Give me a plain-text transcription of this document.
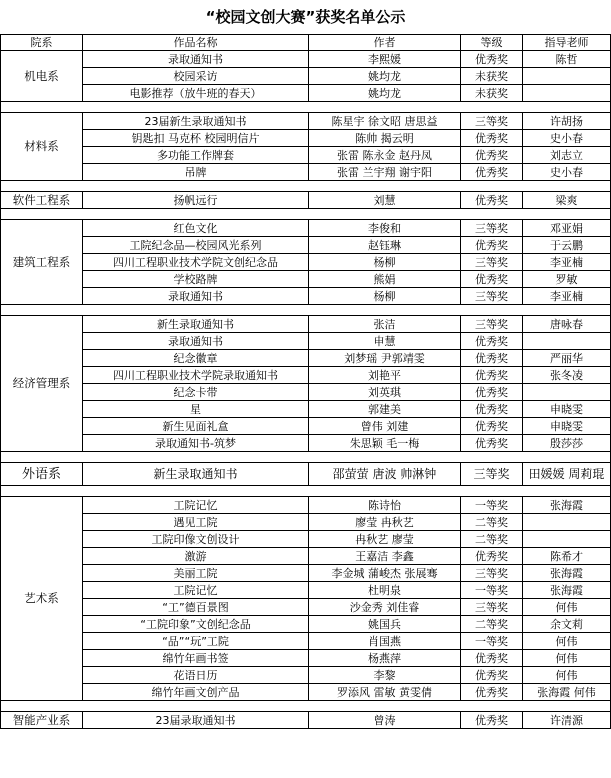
“校园文创大赛”获奖名单公示
院系	作品名称	作者	等级	指导老师
机电系	录取通知书	李熙媛	优秀奖	陈哲
	校园采访	姚均龙	未获奖	
	电影推荐（放牛班的春天）	姚均龙	未获奖	

材料系	23届新生录取通知书	陈星宇 徐文昭 唐思益	三等奖	许胡扬
	钥匙扣 马克杯 校园明信片	陈帅 揭云明	优秀奖	史小春
	多功能工作牌套	张雷 陈永金 赵丹凤	优秀奖	刘志立
	吊牌	张雷 兰宇翔 谢宇阳	优秀奖	史小春

软件工程系	扬帆远行	刘慧	优秀奖	梁爽

建筑工程系	红色文化	李俊和	三等奖	邓亚娟
	工院纪念品—校园风光系列	赵钰琳	优秀奖	于云鹏
	四川工程职业技术学院文创纪念品	杨柳	三等奖	李亚楠
	学校路牌	熊娟	优秀奖	罗敏
	录取通知书	杨柳	三等奖	李亚楠

经济管理系	新生录取通知书	张洁	三等奖	唐咏春
	录取通知书	申慧	优秀奖	
	纪念徽章	刘梦瑶 尹郭靖雯	优秀奖	严丽华
	四川工程职业技术学院录取通知书	刘艳平	优秀奖	张冬凌
	纪念卡带	刘英琪	优秀奖	
	星	郭建美	优秀奖	申晓雯
	新生见面礼盒	曾伟 刘建	优秀奖	申晓雯
	录取通知书-筑梦	朱思颖 毛一梅	优秀奖	殷莎莎

外语系	新生录取通知书	邵萤萤 唐波 帅淋钟	三等奖	田媛媛 周莉琨

艺术系	工院记忆	陈诗怡	一等奖	张海霞
	遇见工院	廖莹 冉秋艺	二等奖	
	工院印像文创设计	冉秋艺 廖莹	二等奖	
	激游	王嘉洁 李鑫	优秀奖	陈希才
	美丽工院	李金城 蒲峻杰 张展骞	三等奖	张海霞
	工院记忆	杜明泉	一等奖	张海霞
	“工”德百景图	沙金秀 刘佳睿	三等奖	何伟
	“工院印象”文创纪念品	姚国兵	二等奖	余文莉
	“品”“玩”工院	肖国燕	一等奖	何伟
	绵竹年画书签	杨燕萍	优秀奖	何伟
	花语日历	李黎	优秀奖	何伟
	绵竹年画文创产品	罗添风 雷敏 黄雯倩	优秀奖	张海霞 何伟

智能产业系	23届录取通知书	曾涛	优秀奖	许清源
